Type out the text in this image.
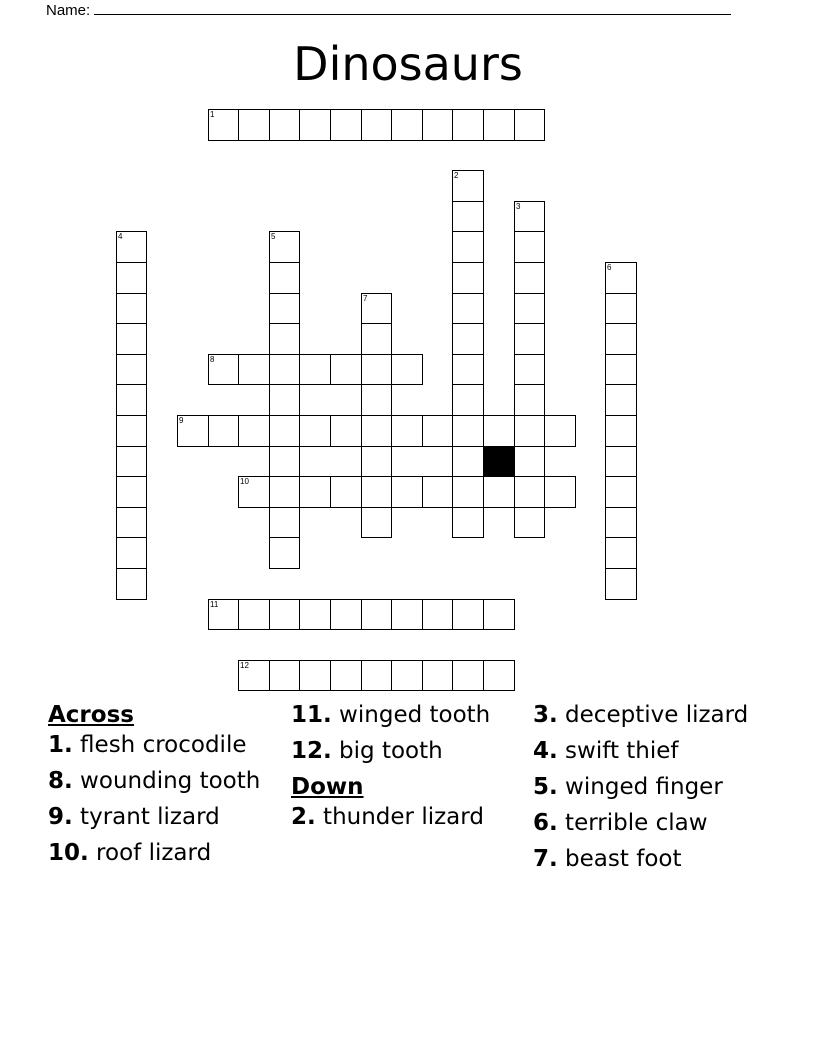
Name:
Dinosaurs
1
2
3
4	5
6
7
8
9
10
11
12
Across
1. flesh crocodile
8. wounding tooth
9. tyrant lizard
10. roof lizard
11. winged tooth
12. big tooth
Down
2. thunder lizard
3. deceptive lizard
4. swift thief
5. winged finger
6. terrible claw
7. beast foot
